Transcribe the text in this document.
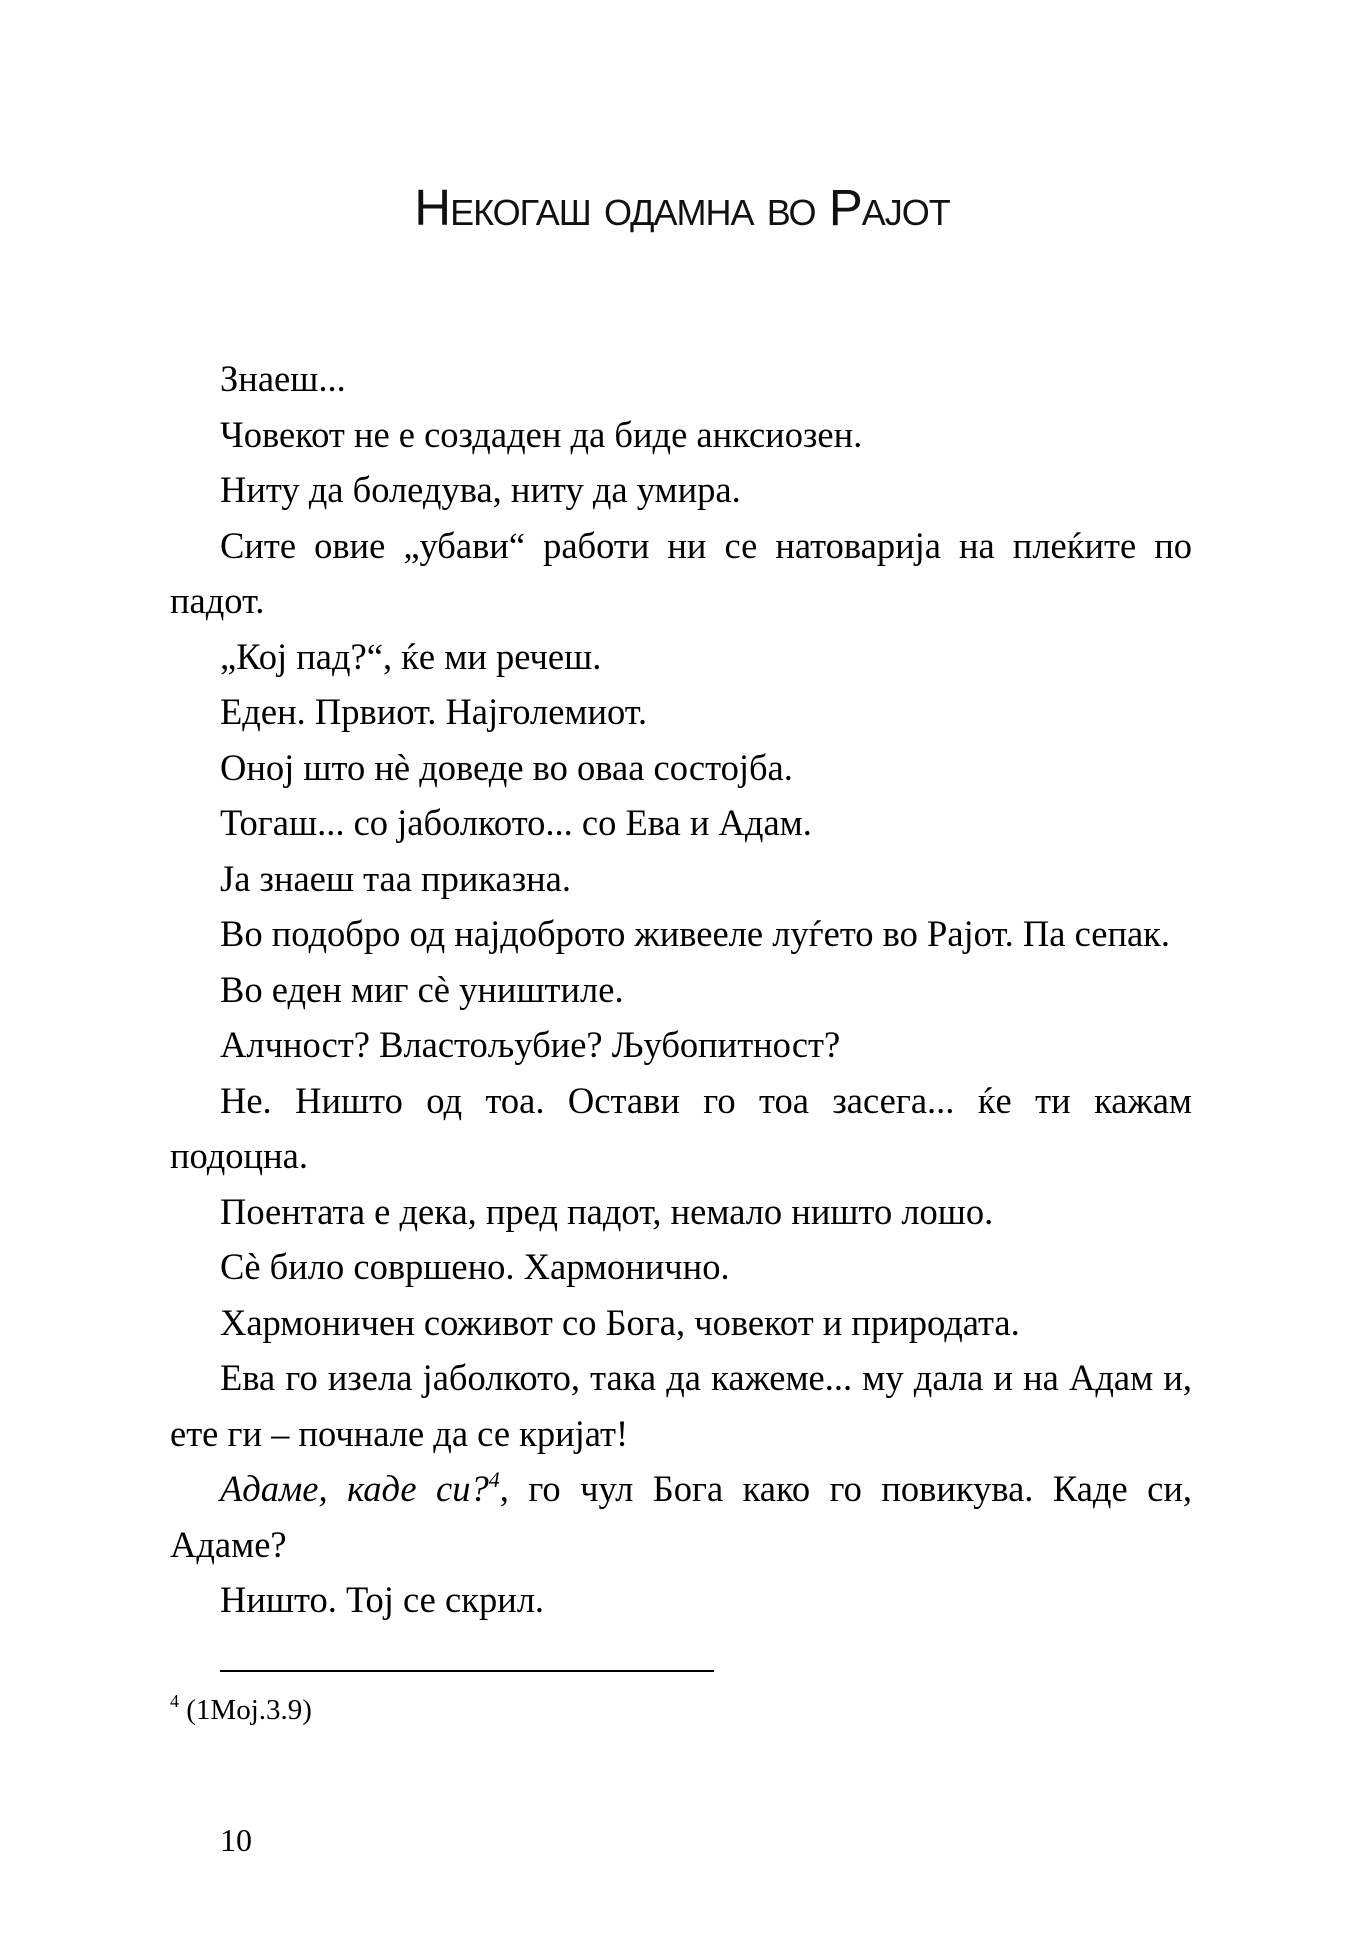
Некогаш одамна во Рајот

Знаеш...

Човекот не е создаден да биде анксиозен.

Ниту да боледува, ниту да умира.

Сите овие „убави“ работи ни се натоварија на плеќите по падот.

„Кој пад?“, ќе ми речеш.

Еден. Првиот. Најголемиот.

Оној што нè доведе во оваа состојба.

Тогаш... со јаболкото... со Ева и Адам.

Ја знаеш таа приказна.

Во подобро од најдоброто живееле луѓето во Рајот. Па сепак.

Во еден миг сè уништиле.

Алчност? Властољубие? Љубопитност?

Не. Ништо од тоа. Остави го тоа засега... ќе ти кажам подоцна.

Поентата е дека, пред падот, немало ништо лошо.

Сè било совршено. Хармонично.

Хармоничен соживот со Бога, човекот и природата.

Ева го изела јаболкото, така да кажеме... му дала и на Адам и, ете ги – почнале да се кријат!

Адаме, каде си?$^4$, го чул Бога како го повикува. Каде си, Адаме?

Ништо. Тој се скрил.

$^4$ (1Moj.3.9)
10
